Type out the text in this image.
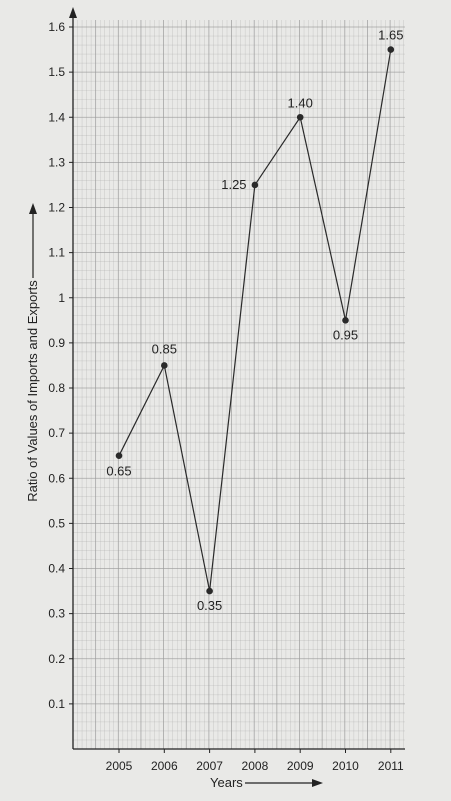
0.1
0.2
0.3
0.4
0.5
0.6
0.7
0.8
0.9
1
1.1
1.2
1.3
1.4
1.5
1.6
2005 2006 2007 2008 2009 2010 2011
0.65
0.85
0.35
1.25
1.40
0.95
1.65
Ratio of Values of Imports and Exports
Years
